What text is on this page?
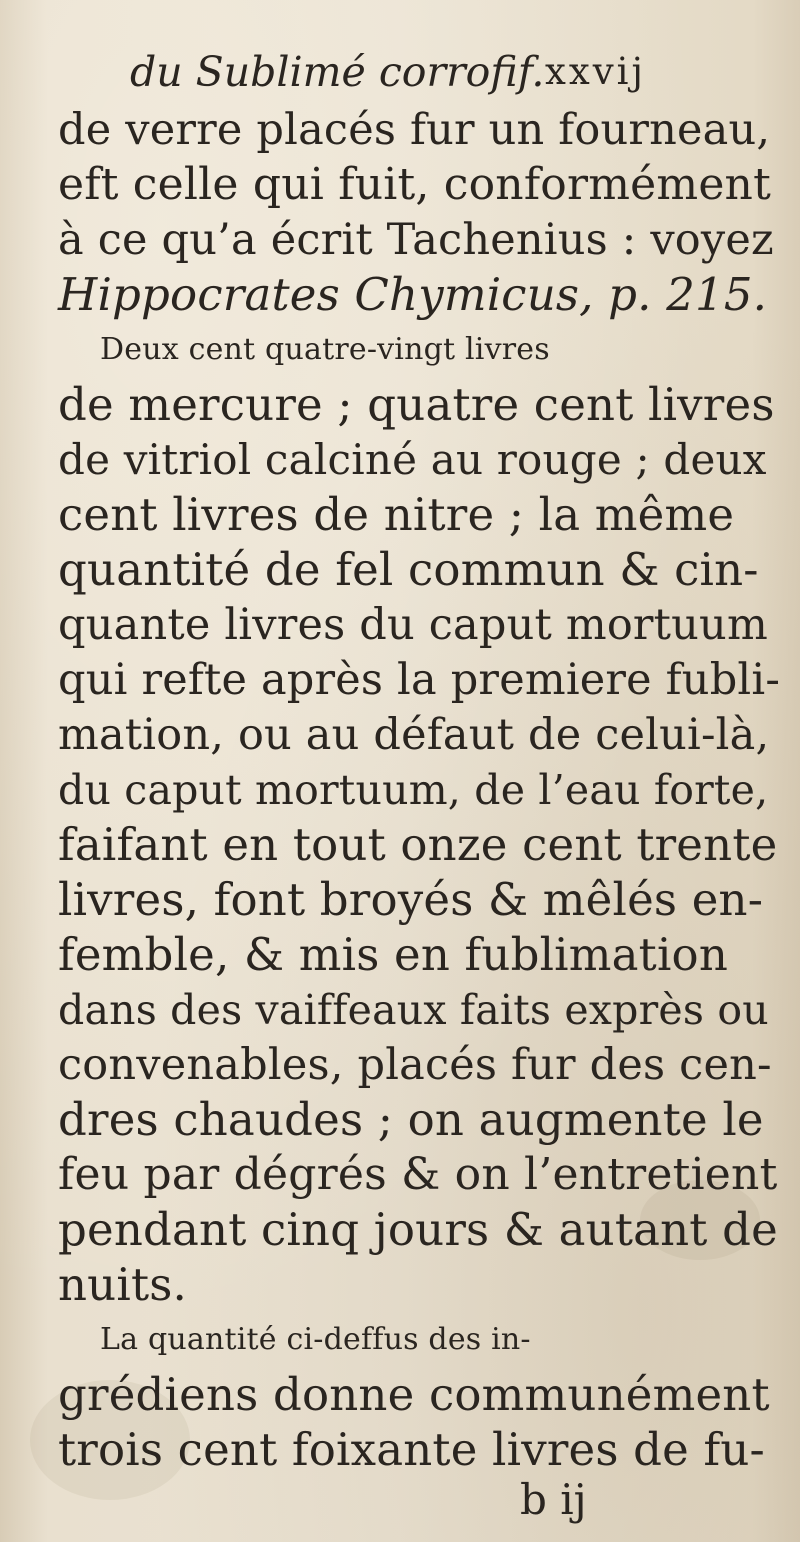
du Sublimé corrofif. xxvij
de verre placés fur un fourneau,
eft celle qui fuit, conformément
à ce qu’a écrit Tachenius : voyez
Hippocrates Chymicus, p. 215.
Deux cent quatre-vingt livres
de mercure ; quatre cent livres
de vitriol calciné au rouge ; deux
cent livres de nitre ; la même
quantité de fel commun & cin-
quante livres du caput mortuum
qui refte après la premiere fubli-
mation, ou au défaut de celui-là,
du caput mortuum, de l’eau forte,
faifant en tout onze cent trente
livres, font broyés & mêlés en-
femble, & mis en fublimation
dans des vaiffeaux faits exprès ou
convenables, placés fur des cen-
dres chaudes ; on augmente le
feu par dégrés & on l’entretient
pendant cinq jours & autant de
nuits.
La quantité ci-deffus des in-
grédiens donne communément
trois cent foixante livres de fu-
b ij
